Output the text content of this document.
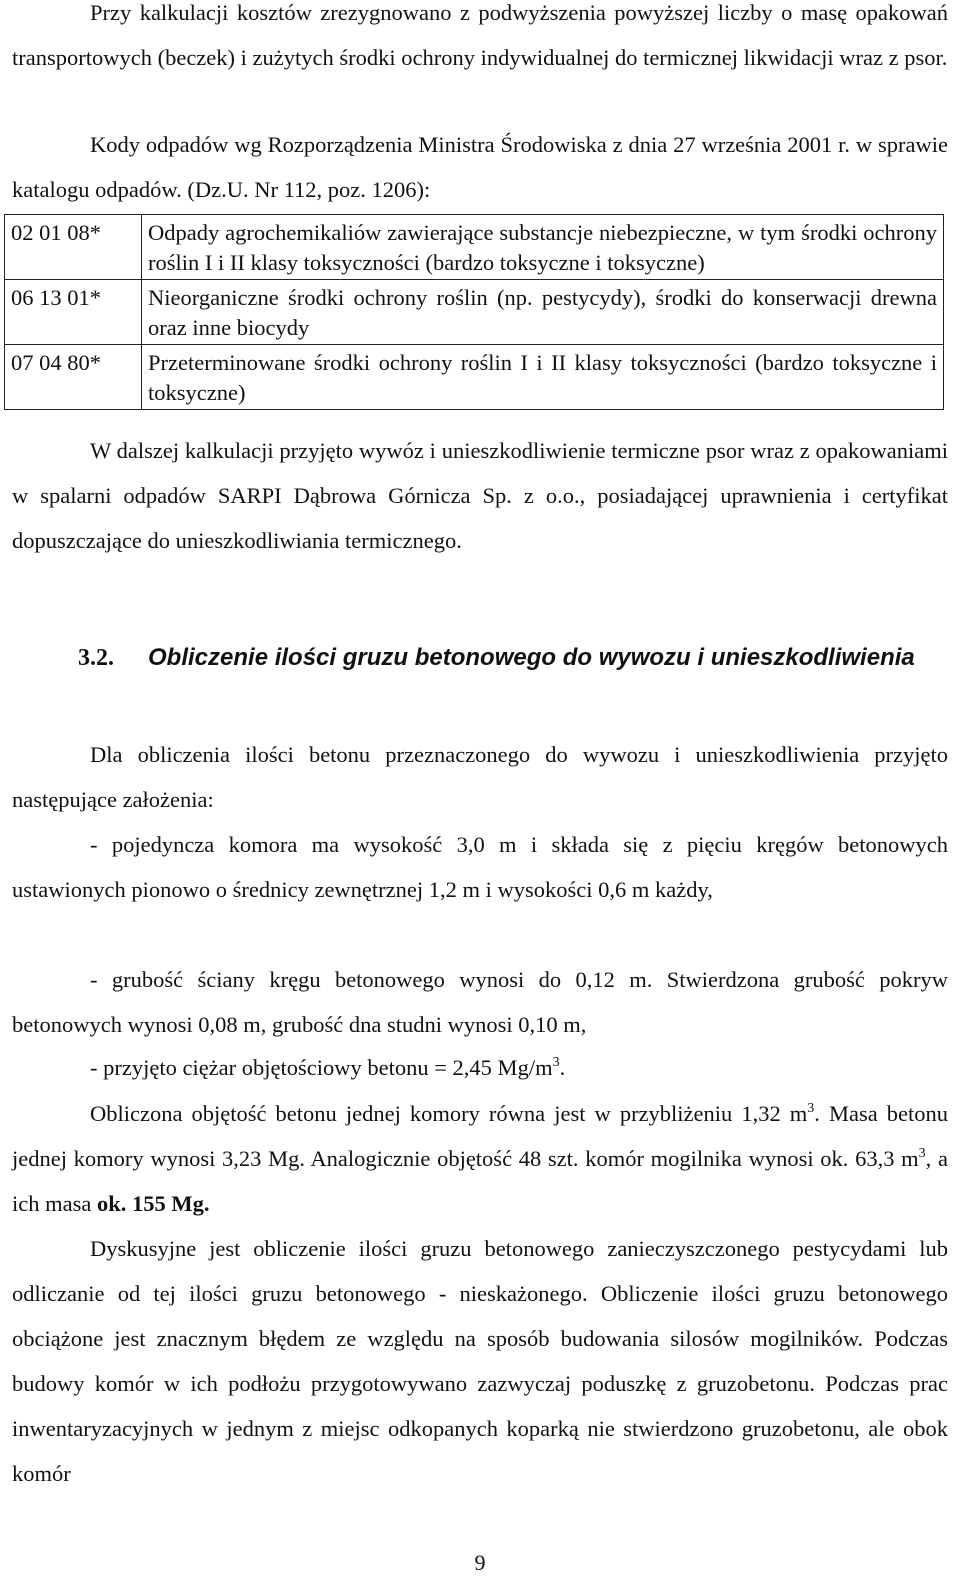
Przy kalkulacji kosztów zrezygnowano z podwyższenia powyższej liczby o masę opakowań transportowych (beczek) i zużytych środki ochrony indywidualnej do termicznej likwidacji wraz z psor.

Kody odpadów wg Rozporządzenia Ministra Środowiska z dnia 27 września 2001 r. w sprawie katalogu odpadów. (Dz.U. Nr 112, poz. 1206):

02 01 08*	Odpady agrochemikaliów zawierające substancje niebezpieczne, w tym środki ochrony roślin I i II klasy toksyczności (bardzo toksyczne i toksyczne)
06 13 01*	Nieorganiczne środki ochrony roślin (np. pestycydy), środki do konserwacji drewna oraz inne biocydy
07 04 80*	Przeterminowane środki ochrony roślin I i II klasy toksyczności (bardzo toksyczne i toksyczne)

W dalszej kalkulacji przyjęto wywóz i unieszkodliwienie termiczne psor wraz z opakowaniami w spalarni odpadów SARPI Dąbrowa Górnicza Sp. z o.o., posiadającej uprawnienia i certyfikat dopuszczające do unieszkodliwiania termicznego.

3.2. Obliczenie ilości gruzu betonowego do wywozu i unieszkodliwienia

Dla obliczenia ilości betonu przeznaczonego do wywozu i unieszkodliwienia przyjęto następujące założenia:

- pojedyncza komora ma wysokość 3,0 m i składa się z pięciu kręgów betonowych ustawionych pionowo o średnicy zewnętrznej 1,2 m i wysokości 0,6 m każdy,

- grubość ściany kręgu betonowego wynosi do 0,12 m. Stwierdzona grubość pokryw betonowych wynosi 0,08 m, grubość dna studni wynosi 0,10 m,

- przyjęto ciężar objętościowy betonu = 2,45 $Mg/m^3$.

Obliczona objętość betonu jednej komory równa jest w przybliżeniu 1,32 $m^3$. Masa betonu jednej komory wynosi 3,23 Mg. Analogicznie objętość 48 szt. komór mogilnika wynosi ok. 63,3 $m^3$, a ich masa ok. 155 Mg.

Dyskusyjne jest obliczenie ilości gruzu betonowego zanieczyszczonego pestycydami lub odliczanie od tej ilości gruzu betonowego - nieskażonego. Obliczenie ilości gruzu betonowego obciążone jest znacznym błędem ze względu na sposób budowania silosów mogilników. Podczas budowy komór w ich podłożu przygotowywano zazwyczaj poduszkę z gruzobetonu. Podczas prac inwentaryzacyjnych w jednym z miejsc odkopanych koparką nie stwierdzono gruzobetonu, ale obok komór

9
